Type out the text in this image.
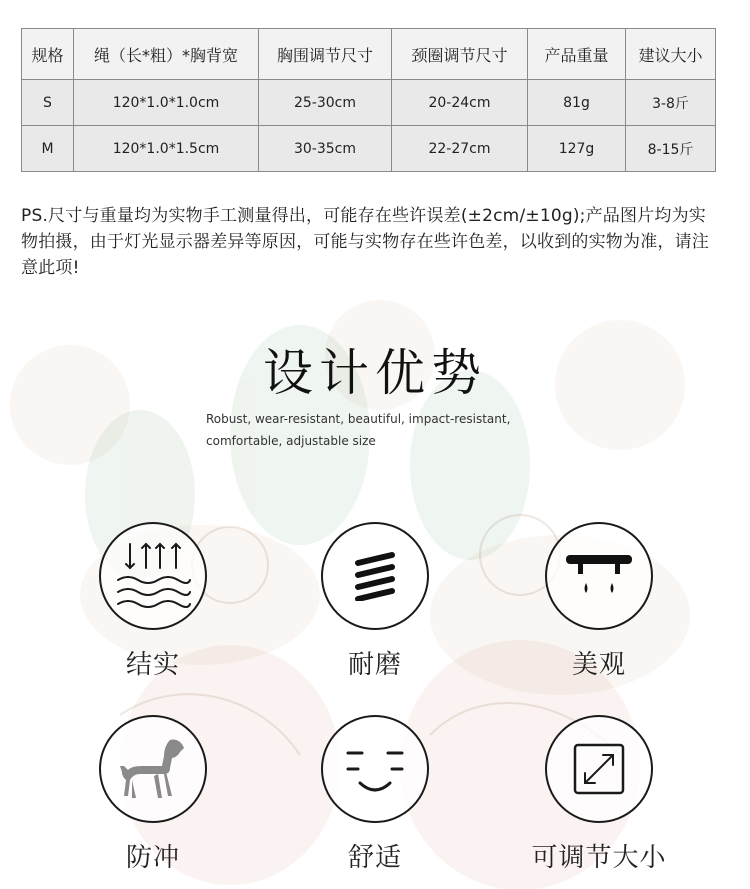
规格	绳（长*粗）*胸背宽	胸围调节尺寸	颈圈调节尺寸	产品重量	建议大小
S	120*1.0*1.0cm	25-30cm	20-24cm	81g	3-8斤
M	120*1.0*1.5cm	30-35cm	22-27cm	127g	8-15斤
PS.尺寸与重量均为实物手工测量得出，可能存在些许误差(±2cm/±10g);产品图片均为实物拍摄，由于灯光显示器差异等原因，可能与实物存在些许色差，以收到的实物为准，请注意此项!
设计优势
Robust, wear-resistant, beautiful, impact-resistant,
comfortable, adjustable size
结实	耐磨	美观
防冲	舒适	可调节大小
